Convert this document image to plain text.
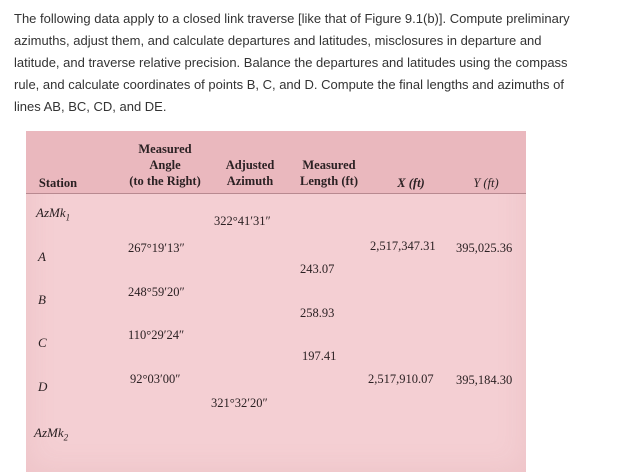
The following data apply to a closed link traverse [like that of Figure 9.1(b)]. Compute preliminary

azimuths, adjust them, and calculate departures and latitudes, misclosures in departure and

latitude, and traverse relative precision. Balance the departures and latitudes using the compass

rule, and calculate coordinates of points B, C, and D. Compute the final lengths and azimuths of

lines AB, BC, CD, and DE.

Station
Measured
Angle
(to the Right)
Adjusted
Azimuth
Measured
Length (ft)	X (ft)	Y (ft)
AzMk$_1$
A
B
C
D
AzMk$_2$
267°19′13″
248°59′20″
110°29′24″
92°03′00″
322°41′31″
321°32′20″
243.07
258.93
197.41
2,517,347.31 395,025.36
2,517,910.07 395,184.30
